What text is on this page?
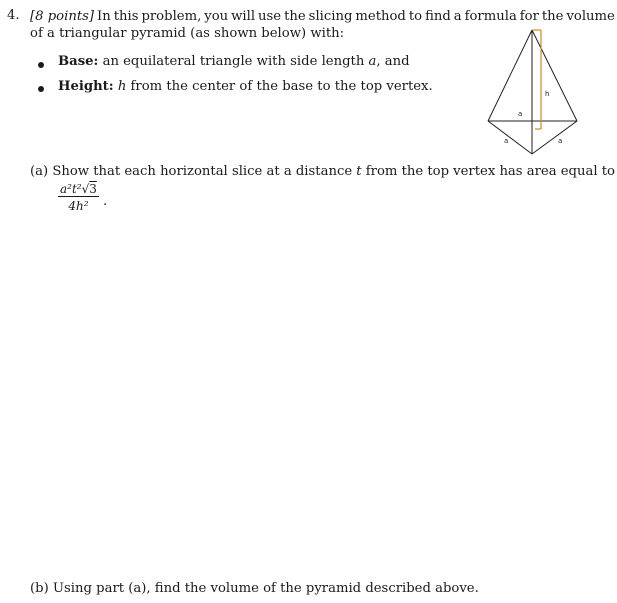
4. [8 points] In this problem, you will use the slicing method to find a formula for the volume
of a triangular pyramid (as shown below) with:
Base: an equilateral triangle with side length a, and
Height: h from the center of the base to the top vertex.	h
a
a	a
(a) Show that each horizontal slice at a distance t from the top vertex has area equal to
$\frac{\text{a²t²√3}}{\text{4h²}}$ .
(b) Using part (a), find the volume of the pyramid described above.
